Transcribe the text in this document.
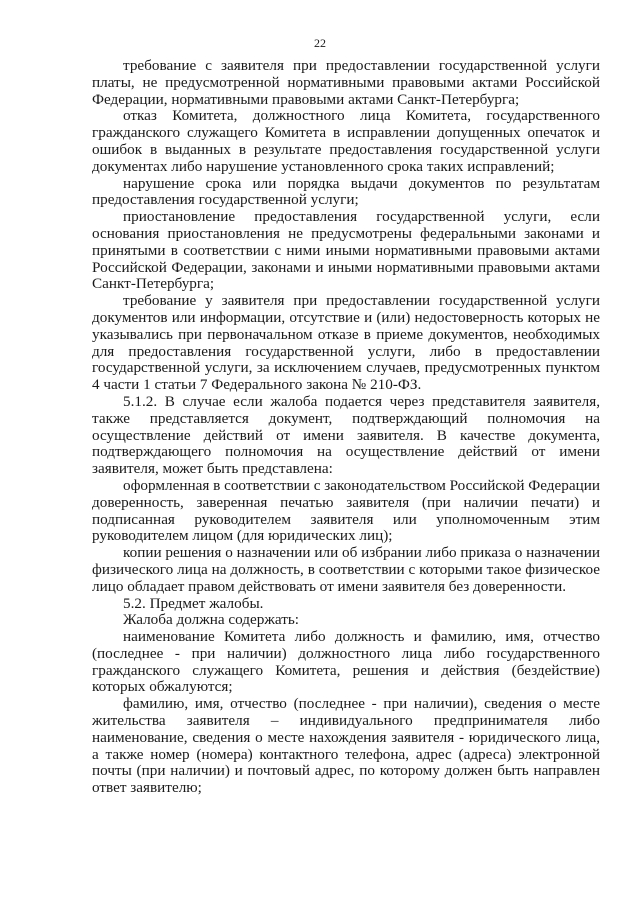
22

требование с заявителя при предоставлении государственной услуги платы, не предусмотренной нормативными правовыми актами Российской Федерации, нормативными правовыми актами Санкт-Петербурга;

отказ Комитета, должностного лица Комитета, государственного гражданского служащего Комитета в исправлении допущенных опечаток и ошибок в выданных в результате предоставления государственной услуги документах либо нарушение установленного срока таких исправлений;

нарушение срока или порядка выдачи документов по результатам предоставления государственной услуги;

приостановление предоставления государственной услуги, если основания приостановления не предусмотрены федеральными законами и принятыми в соответствии с ними иными нормативными правовыми актами Российской Федерации, законами и иными нормативными правовыми актами Санкт-Петербурга;

требование у заявителя при предоставлении государственной услуги документов или информации, отсутствие и (или) недостоверность которых не указывались при первоначальном отказе в приеме документов, необходимых для предоставления государственной услуги, либо в предоставлении государственной услуги, за исключением случаев, предусмотренных пунктом 4 части 1 статьи 7 Федерального закона № 210-ФЗ.

5.1.2. В случае если жалоба подается через представителя заявителя, также представляется документ, подтверждающий полномочия на осуществление действий от имени заявителя. В качестве документа, подтверждающего полномочия на осуществление действий от имени заявителя, может быть представлена:

оформленная в соответствии с законодательством Российской Федерации доверенность, заверенная печатью заявителя (при наличии печати) и подписанная руководителем заявителя или уполномоченным этим руководителем лицом (для юридических лиц);

копии решения о назначении или об избрании либо приказа о назначении физического лица на должность, в соответствии с которыми такое физическое лицо обладает правом действовать от имени заявителя без доверенности.

5.2. Предмет жалобы.

Жалоба должна содержать:

наименование Комитета либо должность и фамилию, имя, отчество (последнее - при наличии) должностного лица либо государственного гражданского служащего Комитета, решения и действия (бездействие) которых обжалуются;

фамилию, имя, отчество (последнее - при наличии), сведения о месте жительства заявителя – индивидуального предпринимателя либо наименование, сведения о месте нахождения заявителя - юридического лица, а также номер (номера) контактного телефона, адрес (адреса) электронной почты (при наличии) и почтовый адрес, по которому должен быть направлен ответ заявителю;
